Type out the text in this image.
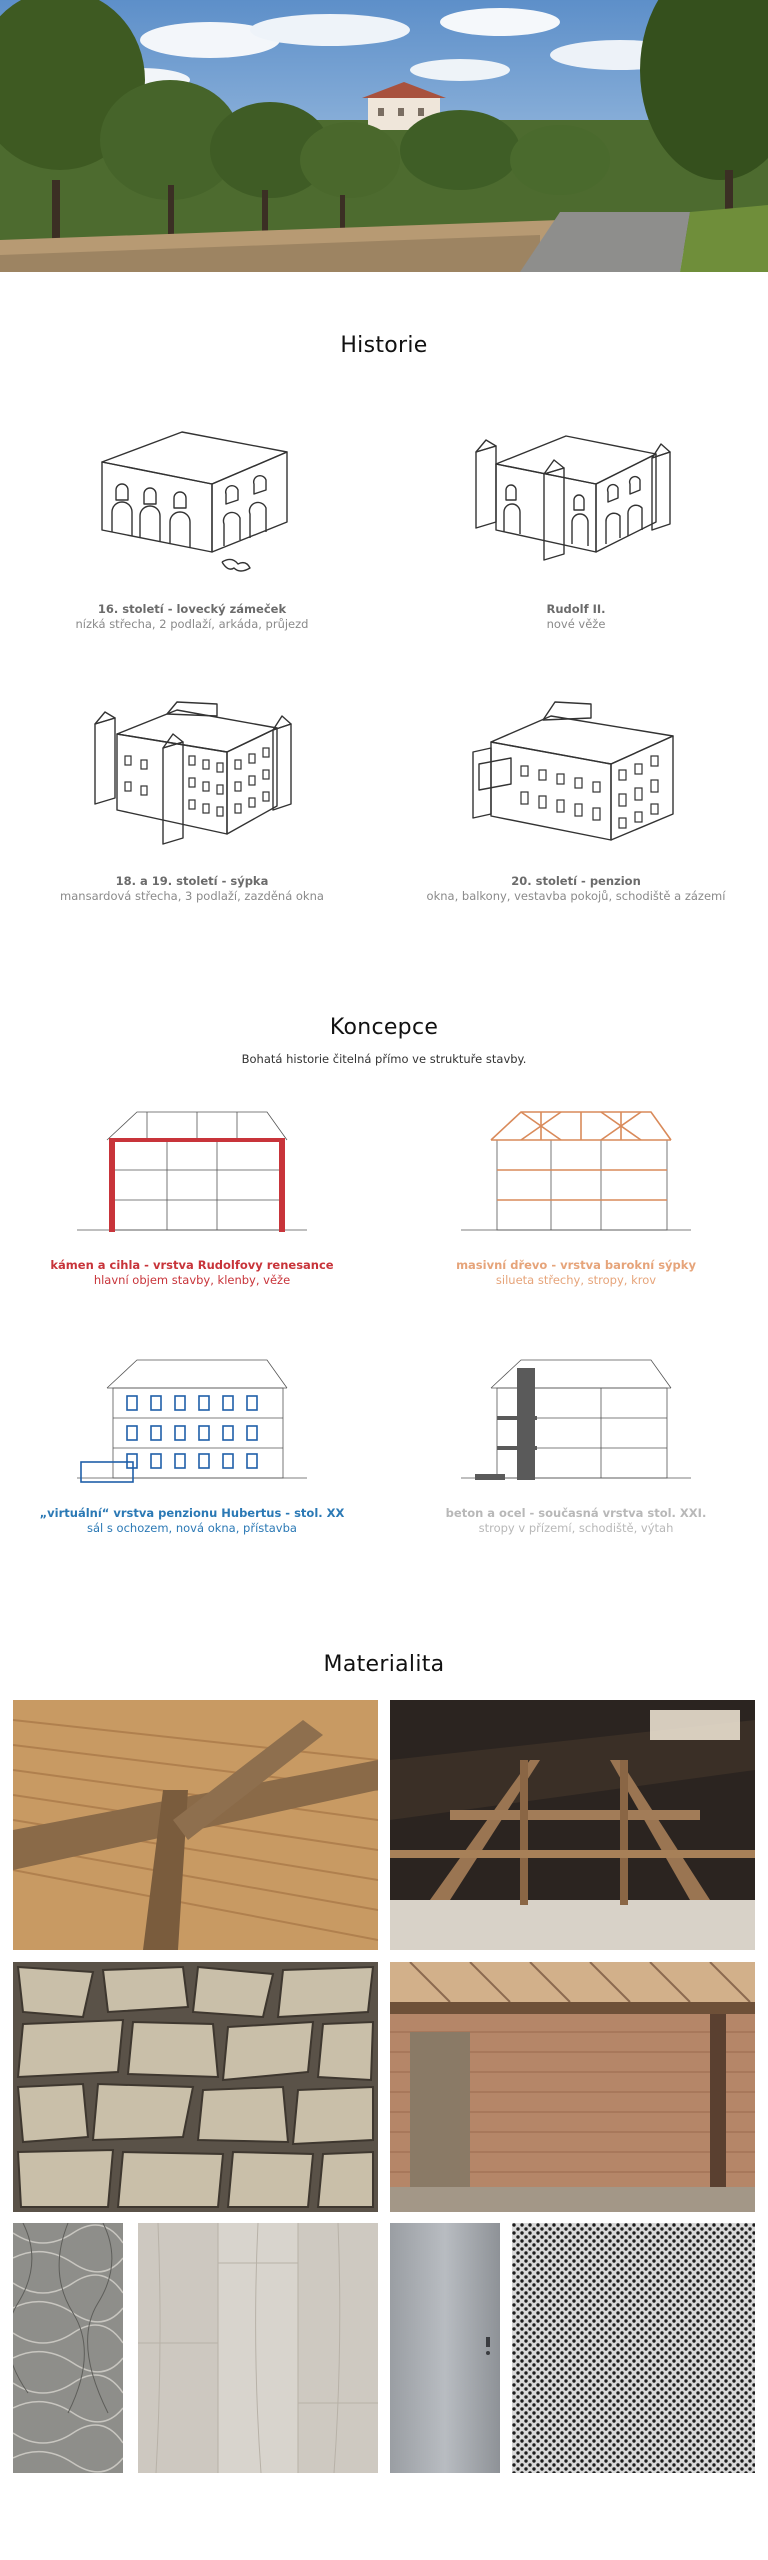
Historie
16. století - lovecký zámeček
nízká střecha, 2 podlaží, arkáda, průjezd
Rudolf II.
nové věže
18. a 19. století - sýpka
mansardová střecha, 3 podlaží, zazděná okna
20. století - penzion
okna, balkony, vestavba pokojů, schodiště a zázemí
Koncepce
Bohatá historie čitelná přímo ve struktuře stavby.
kámen a cihla - vrstva Rudolfovy renesance
hlavní objem stavby, klenby, věže
masivní dřevo - vrstva barokní sýpky
silueta střechy, stropy, krov
„virtuální“ vrstva penzionu Hubertus - stol. XX
sál s ochozem, nová okna, přístavba
beton a ocel - současná vrstva stol. XXI.
stropy v přízemí, schodiště, výtah
Materialita
